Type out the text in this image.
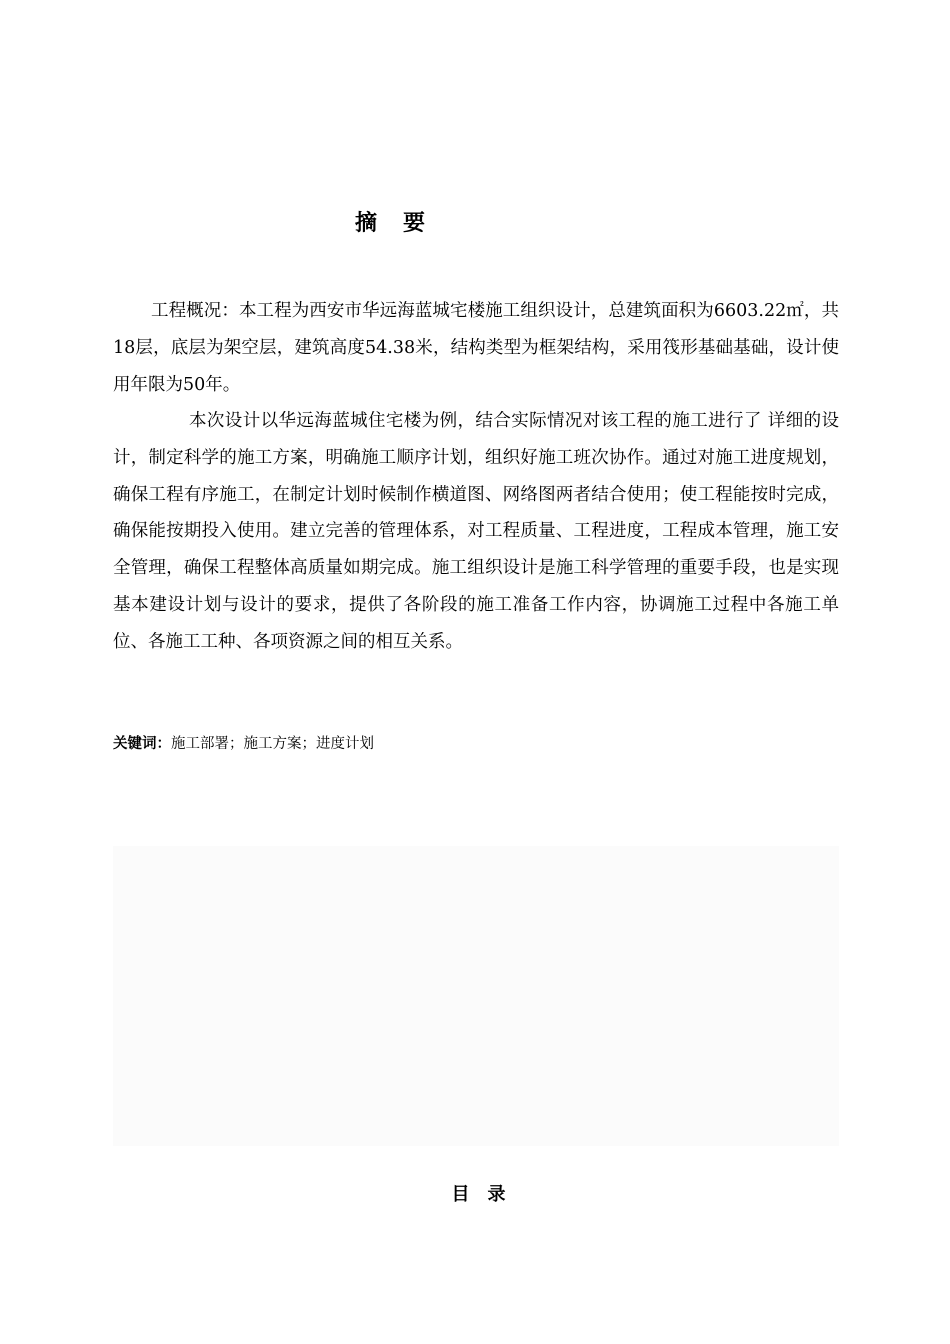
摘要

工程概况：本工程为西安市华远海蓝城宅楼施工组织设计，总建筑面积为6603.22㎡，共18层，底层为架空层，建筑高度54.38米，结构类型为框架结构，采用筏形基础基础，设计使用年限为50年。

本次设计以华远海蓝城住宅楼为例，结合实际情况对该工程的施工进行了 详细的设计，制定科学的施工方案，明确施工顺序计划，组织好施工班次协作。通过对施工进度规划，确保工程有序施工，在制定计划时候制作横道图、网络图两者结合使用；使工程能按时完成，确保能按期投入使用。建立完善的管理体系，对工程质量、工程进度，工程成本管理，施工安全管理，确保工程整体高质量如期完成。施工组织设计是施工科学管理的重要手段，也是实现基本建设计划与设计的要求，提供了各阶段的施工准备工作内容，协调施工过程中各施工单位、各施工工种、各项资源之间的相互关系。

关键词：施工部署；施工方案；进度计划
目录
